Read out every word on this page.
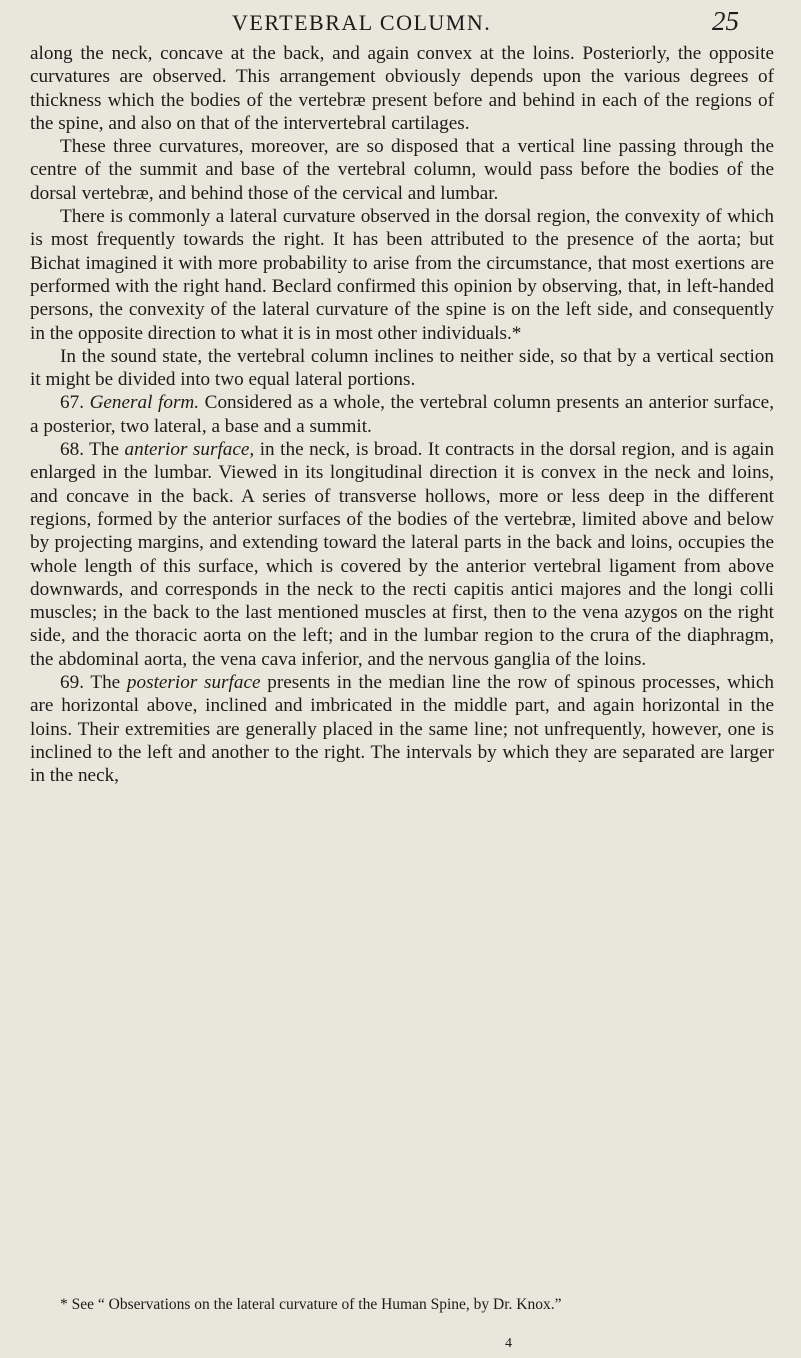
VERTEBRAL COLUMN.	25

along the neck, concave at the back, and again convex at the loins. Posteriorly, the opposite curvatures are observed. This arrangement obviously depends upon the various degrees of thickness which the bodies of the vertebræ present before and behind in each of the regions of the spine, and also on that of the intervertebral cartilages.

These three curvatures, moreover, are so disposed that a vertical line passing through the centre of the summit and base of the vertebral column, would pass before the bodies of the dorsal vertebræ, and behind those of the cervical and lumbar.

There is commonly a lateral curvature observed in the dorsal region, the convexity of which is most frequently towards the right. It has been attributed to the presence of the aorta; but Bichat imagined it with more probability to arise from the circumstance, that most exertions are performed with the right hand. Beclard confirmed this opinion by observing, that, in left-handed persons, the convexity of the lateral curvature of the spine is on the left side, and consequently in the opposite direction to what it is in most other individuals.*

In the sound state, the vertebral column inclines to neither side, so that by a vertical section it might be divided into two equal lateral portions.

67. General form. Considered as a whole, the vertebral column presents an anterior surface, a posterior, two lateral, a base and a summit.

68. The anterior surface, in the neck, is broad. It contracts in the dorsal region, and is again enlarged in the lumbar. Viewed in its longitudinal direction it is convex in the neck and loins, and concave in the back. A series of transverse hollows, more or less deep in the different regions, formed by the anterior surfaces of the bodies of the vertebræ, limited above and below by projecting margins, and extending toward the lateral parts in the back and loins, occupies the whole length of this surface, which is covered by the anterior vertebral ligament from above downwards, and corresponds in the neck to the recti capitis antici majores and the longi colli muscles; in the back to the last mentioned muscles at first, then to the vena azygos on the right side, and the thoracic aorta on the left; and in the lumbar region to the crura of the diaphragm, the abdominal aorta, the vena cava inferior, and the nervous ganglia of the loins.

69. The posterior surface presents in the median line the row of spinous processes, which are horizontal above, inclined and imbricated in the middle part, and again horizontal in the loins. Their extremities are generally placed in the same line; not unfrequently, however, one is inclined to the left and another to the right. The intervals by which they are separated are larger in the neck,

* See “ Observations on the lateral curvature of the Human Spine, by Dr. Knox.”

4
